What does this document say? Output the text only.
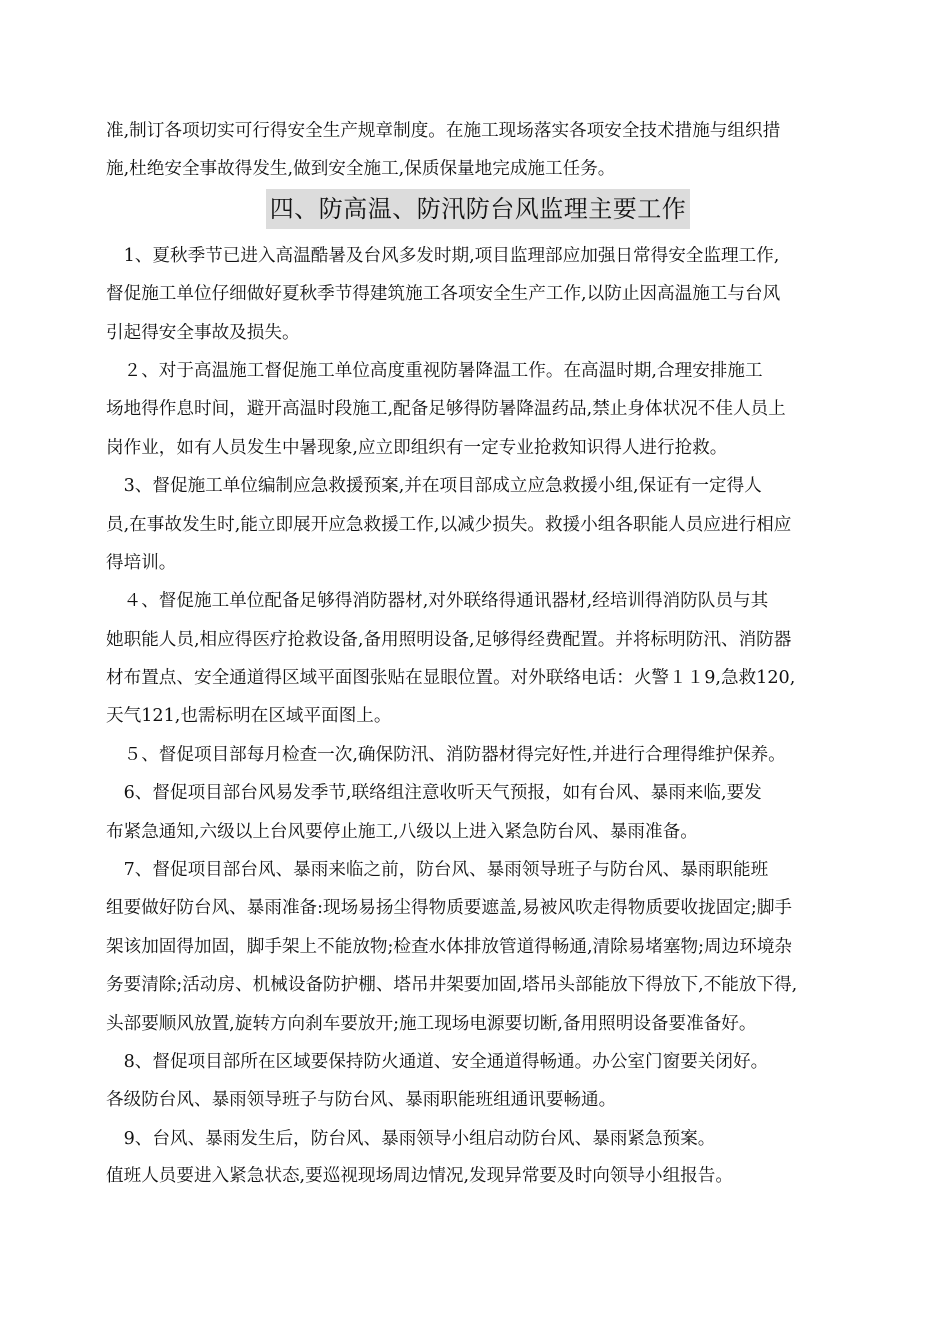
准,制订各项切实可行得安全生产规章制度。在施工现场落实各项安全技术措施与组织措
施,杜绝安全事故得发生,做到安全施工,保质保量地完成施工任务。
四、防高温、防汛防台风监理主要工作
　1、夏秋季节已进入高温酷暑及台风多发时期,项目监理部应加强日常得安全监理工作,
督促施工单位仔细做好夏秋季节得建筑施工各项安全生产工作,以防止因高温施工与台风
引起得安全事故及损失。
　２、对于高温施工督促施工单位高度重视防暑降温工作。在高温时期,合理安排施工
场地得作息时间，避开高温时段施工,配备足够得防暑降温药品,禁止身体状况不佳人员上
岗作业，如有人员发生中暑现象,应立即组织有一定专业抢救知识得人进行抢救。
　3、督促施工单位编制应急救援预案,并在项目部成立应急救援小组,保证有一定得人
员,在事故发生时,能立即展开应急救援工作,以减少损失。救援小组各职能人员应进行相应
得培训。
　４、督促施工单位配备足够得消防器材,对外联络得通讯器材,经培训得消防队员与其
她职能人员,相应得医疗抢救设备,备用照明设备,足够得经费配置。并将标明防汛、消防器
材布置点、安全通道得区域平面图张贴在显眼位置。对外联络电话：火警１１9,急救120,
天气121,也需标明在区域平面图上。
　５、督促项目部每月检查一次,确保防汛、消防器材得完好性,并进行合理得维护保养。
　6、督促项目部台风易发季节,联络组注意收听天气预报，如有台风、暴雨来临,要发
布紧急通知,六级以上台风要停止施工,八级以上进入紧急防台风、暴雨准备。
　7、督促项目部台风、暴雨来临之前，防台风、暴雨领导班子与防台风、暴雨职能班
组要做好防台风、暴雨准备:现场易扬尘得物质要遮盖,易被风吹走得物质要收拢固定;脚手
架该加固得加固，脚手架上不能放物;检查水体排放管道得畅通,清除易堵塞物;周边环境杂
务要清除;活动房、机械设备防护棚、塔吊井架要加固,塔吊头部能放下得放下,不能放下得,
头部要顺风放置,旋转方向刹车要放开;施工现场电源要切断,备用照明设备要准备好。
　8、督促项目部所在区域要保持防火通道、安全通道得畅通。办公室门窗要关闭好。
各级防台风、暴雨领导班子与防台风、暴雨职能班组通讯要畅通。
　9、台风、暴雨发生后，防台风、暴雨领导小组启动防台风、暴雨紧急预案。
值班人员要进入紧急状态,要巡视现场周边情况,发现异常要及时向领导小组报告。
